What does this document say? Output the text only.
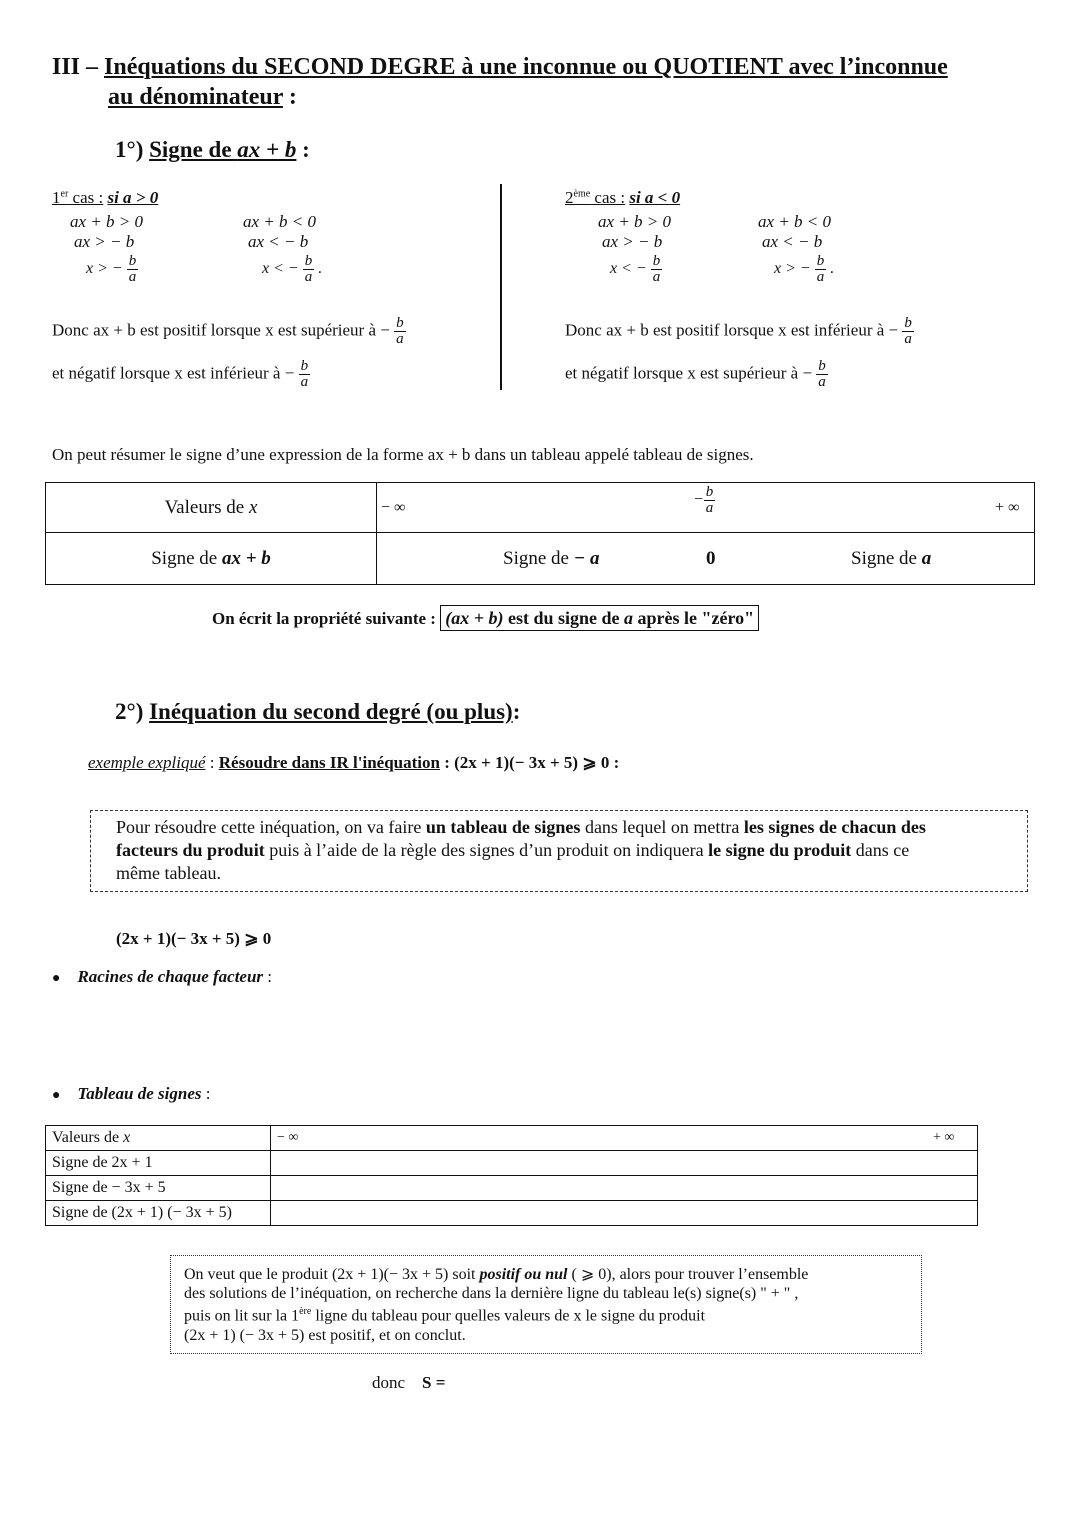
III – Inéquations du SECOND DEGRE à une inconnue ou QUOTIENT avec l’inconnue
au dénominateur :
1°) Signe de ax + b :
1er cas : si a > 0
ax + b > 0
ax > − b
x > − $\frac{b}{a}$
ax + b < 0
ax < − b
x < − $\frac{b}{a}$ .
Donc ax + b est positif lorsque x est supérieur à − $\frac{b}{a}$
et négatif lorsque x est inférieur à − $\frac{b}{a}$
2ème cas : si a < 0
ax + b > 0
ax > − b
x < − $\frac{b}{a}$
ax + b < 0
ax < − b
x > − $\frac{b}{a}$ .
Donc ax + b est positif lorsque x est inférieur à − $\frac{b}{a}$
et négatif lorsque x est supérieur à − $\frac{b}{a}$
On peut résumer le signe d’une expression de la forme ax + b dans un tableau appelé tableau de signes.
Valeurs de x	− ∞ − $\frac{b}{a}$ + ∞

Signe de ax + b	Signe de − a 0 Signe de a
On écrit la propriété suivante : (ax + b) est du signe de a après le "zéro"
2°) Inéquation du second degré (ou plus):
exemple expliqué : Résoudre dans IR l'inéquation : (2x + 1)(− 3x + 5) ⩾ 0 :
Pour résoudre cette inéquation, on va faire un tableau de signes dans lequel on mettra les signes de chacun des
facteurs du produit puis à l’aide de la règle des signes d’un produit on indiquera le signe du produit dans ce
même tableau.
(2x + 1)(− 3x + 5) ⩾ 0
● Racines de chaque facteur :
● Tableau de signes :
Valeurs de x	− ∞ + ∞

Signe de 2x + 1	
Signe de − 3x + 5	
Signe de (2x + 1) (− 3x + 5)	
On veut que le produit (2x + 1)(− 3x + 5) soit positif ou nul ( ⩾ 0), alors pour trouver l’ensemble
des solutions de l’inéquation, on recherche dans la dernière ligne du tableau le(s) signe(s) " + " ,
puis on lit sur la 1ère ligne du tableau pour quelles valeurs de x le signe du produit
(2x + 1) (− 3x + 5) est positif, et on conclut.
donc S =
